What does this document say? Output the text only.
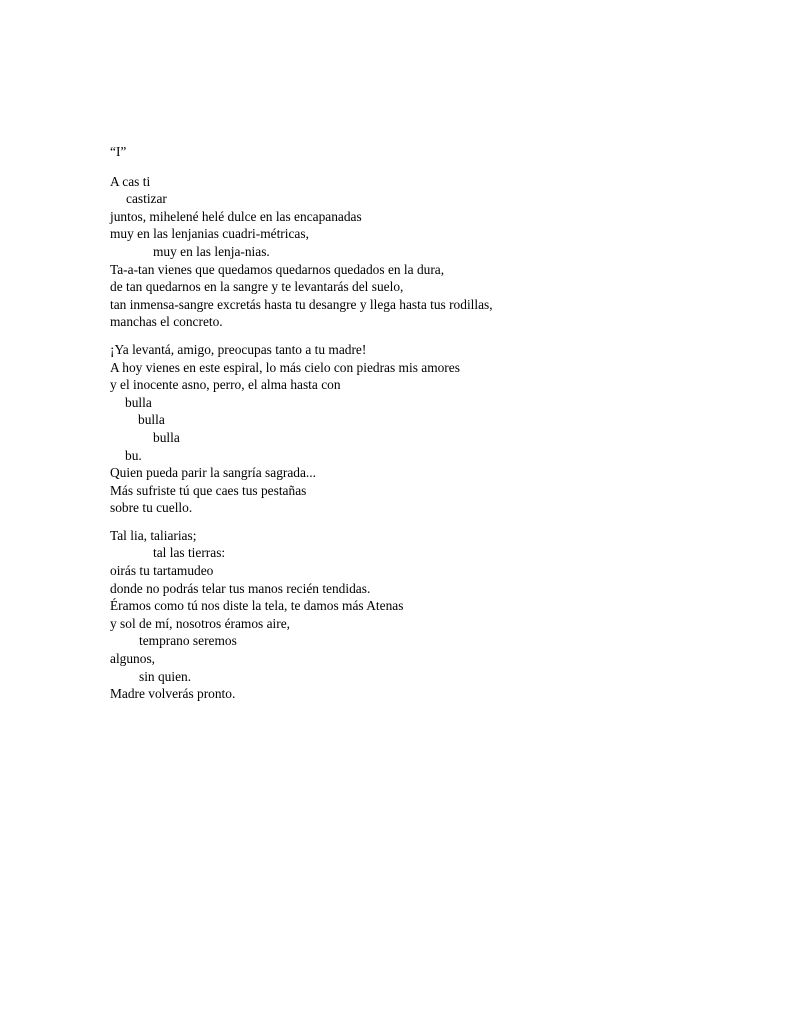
“I”
A cas ti
castizar
juntos, mihelené helé dulce en las encapanadas
muy en las lenjanias cuadri-métricas,
muy en las lenja-nias.
Ta-a-tan vienes que quedamos quedarnos quedados en la dura,
de tan quedarnos en la sangre y te levantarás del suelo,
tan inmensa-sangre excretás hasta tu desangre y llega hasta tus rodillas,
manchas el concreto.
¡Ya levantá, amigo, preocupas tanto a tu madre!
A hoy vienes en este espiral, lo más cielo con piedras mis amores
y el inocente asno, perro, el alma hasta con
bulla
bulla
bulla
bu.
Quien pueda parir la sangría sagrada...
Más sufriste tú que caes tus pestañas
sobre tu cuello.
Tal lia, taliarias;
tal las tierras:
oirás tu tartamudeo
donde no podrás telar tus manos recién tendidas.
Éramos como tú nos diste la tela, te damos más Atenas
y sol de mí, nosotros éramos aire,
temprano seremos
algunos,
sin quien.
Madre volverás pronto.
